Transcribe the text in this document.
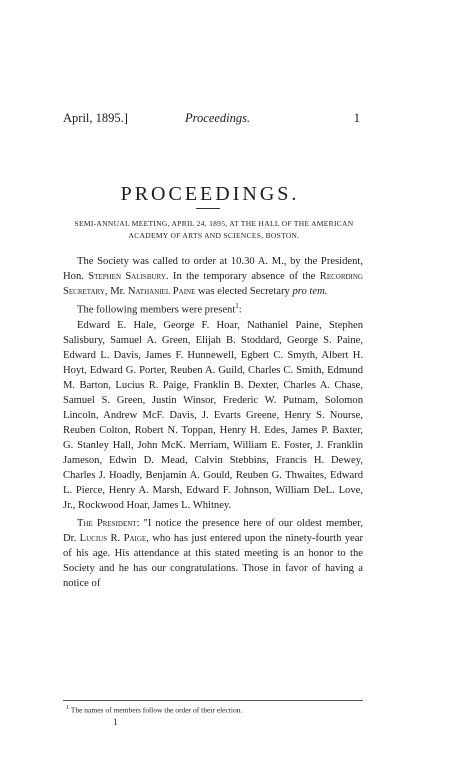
April, 1895.]	Proceedings.	1
PROCEEDINGS.
SEMI-ANNUAL MEETING, APRIL 24, 1895, AT THE HALL OF THE AMERICAN ACADEMY OF ARTS AND SCIENCES, BOSTON.

The Society was called to order at 10.30 A. M., by the President, Hon. Stephen Salisbury. In the temporary absence of the Recording Secretary, Mr. Nathaniel Paine was elected Secretary pro tem.

The following members were present$^1$:

Edward E. Hale, George F. Hoar, Nathaniel Paine, Stephen Salisbury, Samuel A. Green, Elijah B. Stoddard, George S. Paine, Edward L. Davis, James F. Hunnewell, Egbert C. Smyth, Albert H. Hoyt, Edward G. Porter, Reuben A. Guild, Charles C. Smith, Edmund M. Barton, Lucius R. Paige, Franklin B. Dexter, Charles A. Chase, Samuel S. Green, Justin Winsor, Frederic W. Putnam, Solomon Lincoln, Andrew McF. Davis, J. Evarts Greene, Henry S. Nourse, Reuben Colton, Robert N. Toppan, Henry H. Edes, James P. Baxter, G. Stanley Hall, John McK. Merriam, William E. Foster, J. Franklin Jameson, Edwin D. Mead, Calvin Stebbins, Francis H. Dewey, Charles J. Hoadly, Benjamin A. Gould, Reuben G. Thwaites, Edward L. Pierce, Henry A. Marsh, Edward F. Johnson, William DeL. Love, Jr., Rockwood Hoar, James L. Whitney.

The President: "I notice the presence here of our oldest member, Dr. Lucius R. Paige, who has just entered upon the ninety-fourth year of his age. His attendance at this stated meeting is an honor to the Society and he has our congratulations. Those in favor of having a notice of

$^1$ The names of members follow the order of their election.
1
